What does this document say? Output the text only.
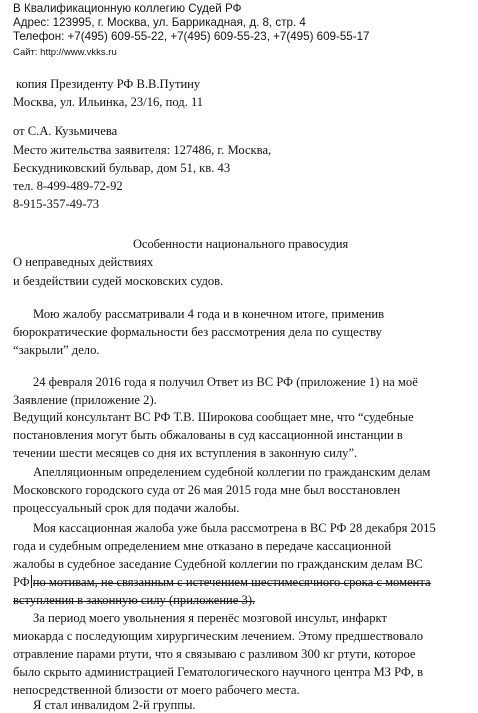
В Квалификационную коллегию Судей РФ
Адрес: 123995, г. Москва, ул. Баррикадная, д. 8, стр. 4
Телефон: +7(495) 609-55-22, +7(495) 609-55-23, +7(495) 609-55-17
Сайт: http://www.vkks.ru
копия Президенту РФ В.В.Путину
Москва, ул. Ильинка, 23/16, под. 11
от С.А. Кузьмичева
Место жительства заявителя: 127486, г. Москва,
Бескудниковский бульвар, дом 51, кв. 43
тел. 8-499-489-72-92
8-915-357-49-73
Особенности национального правосудия
О неправедных действиях
и бездействии судей московских судов.
Мою жалобу рассматривали 4 года и в конечном итоге, применив
бюрократические формальности без рассмотрения дела по существу
“закрыли” дело.
24 февраля 2016 года я получил Ответ из ВС РФ (приложение 1) на моё
Заявление (приложение 2).
Ведущий консультант ВС РФ Т.В. Широкова сообщает мне, что “судебные
постановления могут быть обжалованы в суд кассационной инстанции в
течении шести месяцев со дня их вступления в законную силу”.
Апелляционным определением судебной коллегии по гражданским делам
Московского городского суда от 26 мая 2015 года мне был восстановлен
процессуальный срок для подачи жалобы.
Моя кассационная жалоба уже была рассмотрена в ВС РФ 28 декабря 2015
года и судебным определением мне отказано в передаче кассационной
жалобы в судебное заседание Судебной коллегии по гражданским делам ВС
РФ по мотивам, не связанным с истечением шестимесячного срока с момента
вступления в законную силу (приложение 3).
За период моего увольнения я перенёс мозговой инсульт, инфаркт
миокарда с последующим хирургическим лечением. Этому предшествовало
отравление парами ртути, что я связываю с разливом 300 кг ртути, которое
было скрыто администрацией Гематологического научного центра МЗ РФ, в
непосредственной близости от моего рабочего места.
Я стал инвалидом 2-й группы.
